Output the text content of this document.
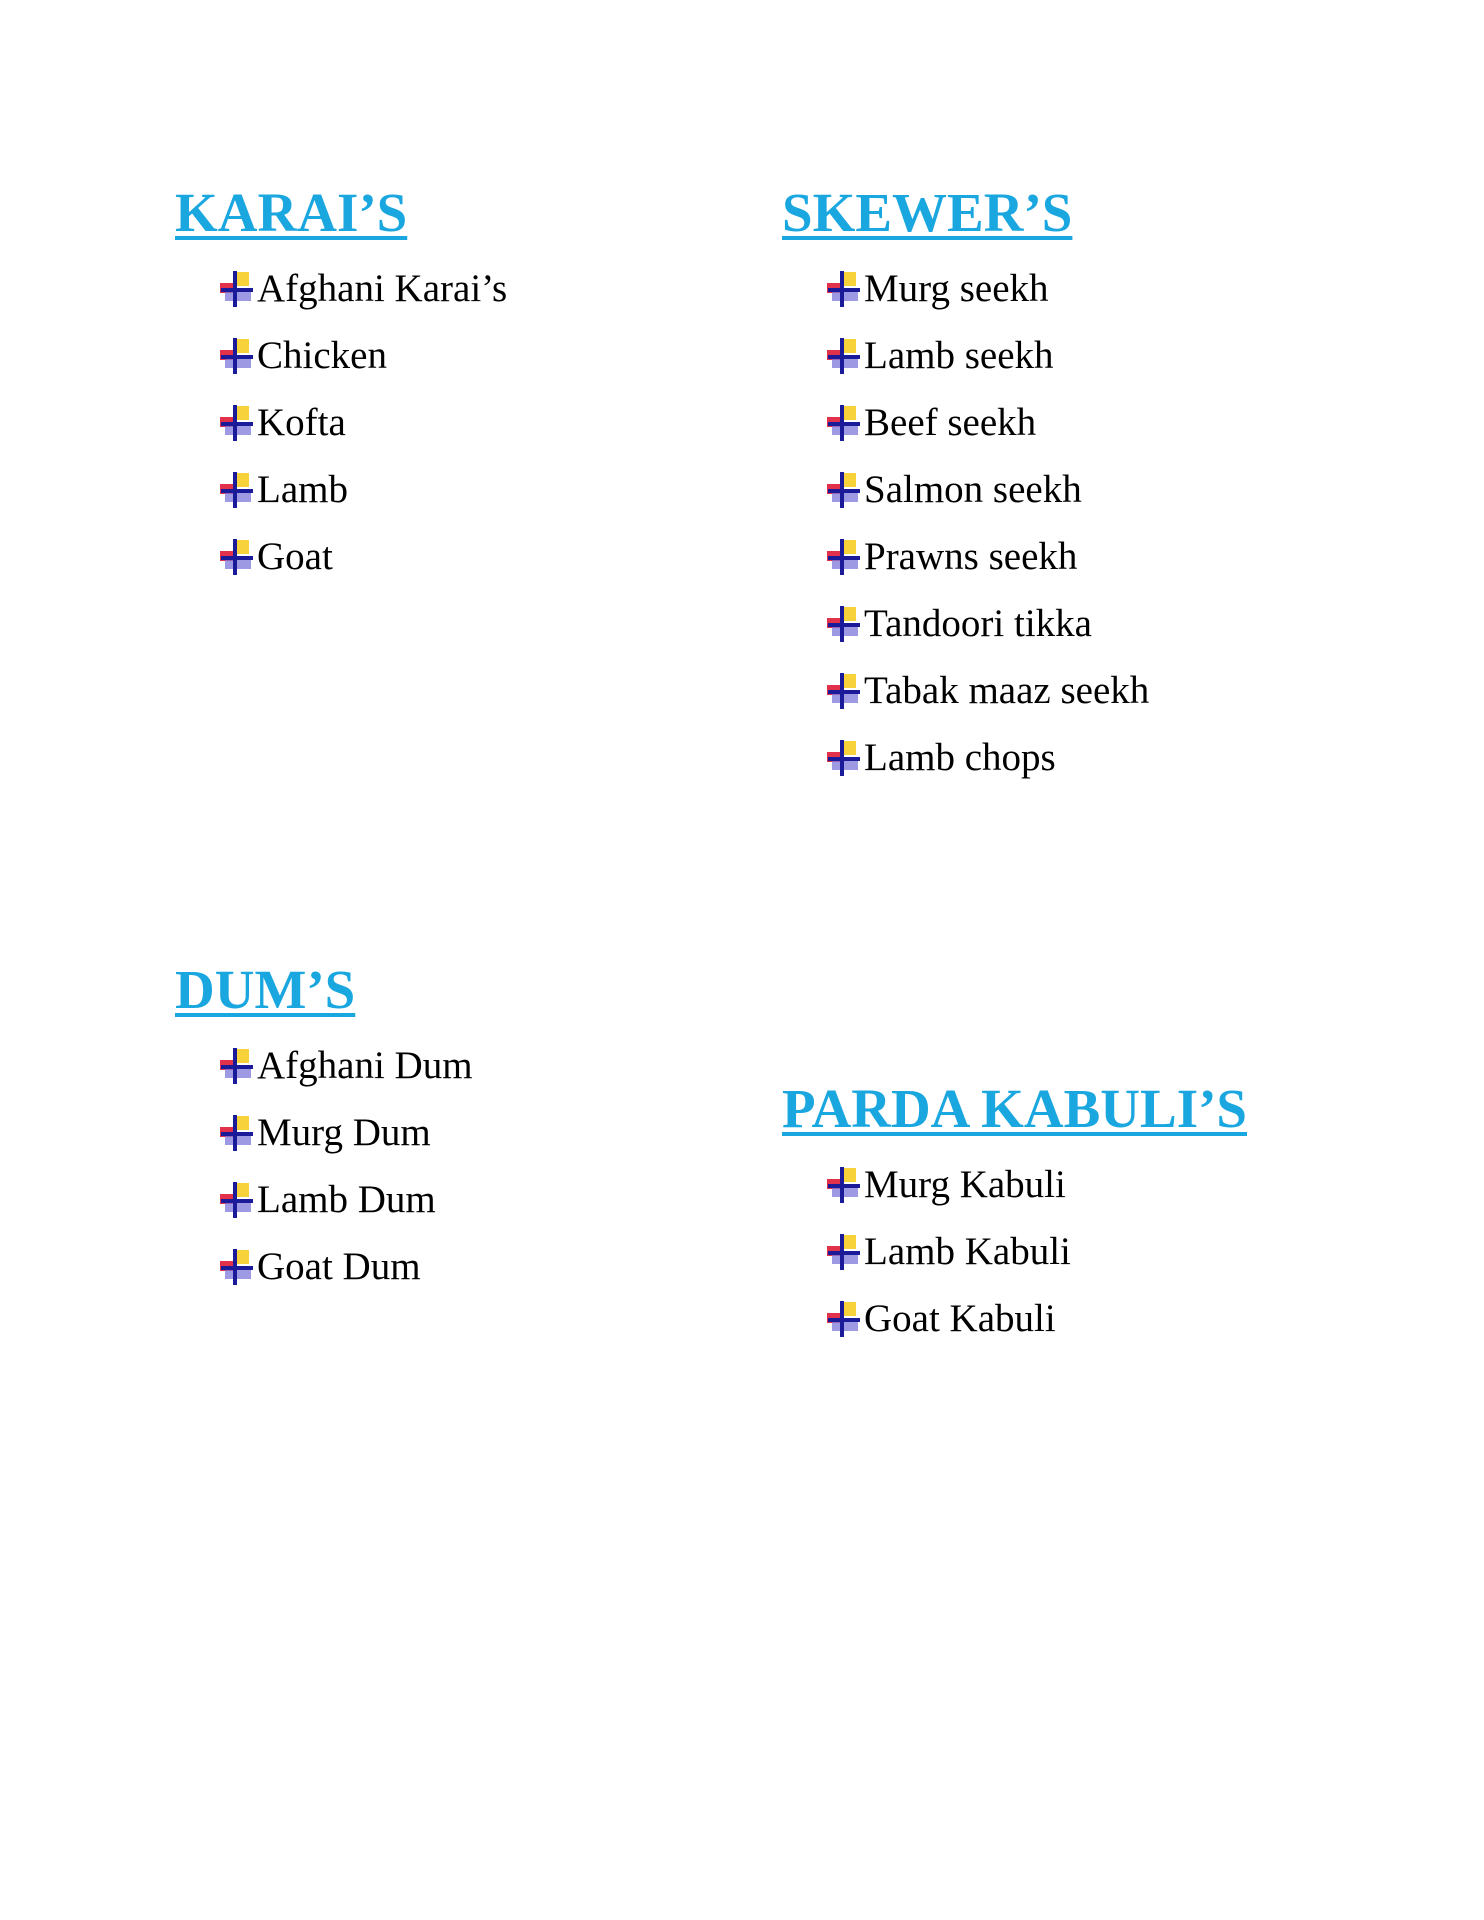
KARAI’S
Afghani Karai’s
Chicken
Kofta
Lamb
Goat
SKEWER’S
Murg seekh
Lamb seekh
Beef seekh
Salmon seekh
Prawns seekh
Tandoori tikka
Tabak maaz seekh
Lamb chops
DUM’S
Afghani Dum
Murg Dum
Lamb Dum
Goat Dum
PARDA KABULI’S
Murg Kabuli
Lamb Kabuli
Goat Kabuli
